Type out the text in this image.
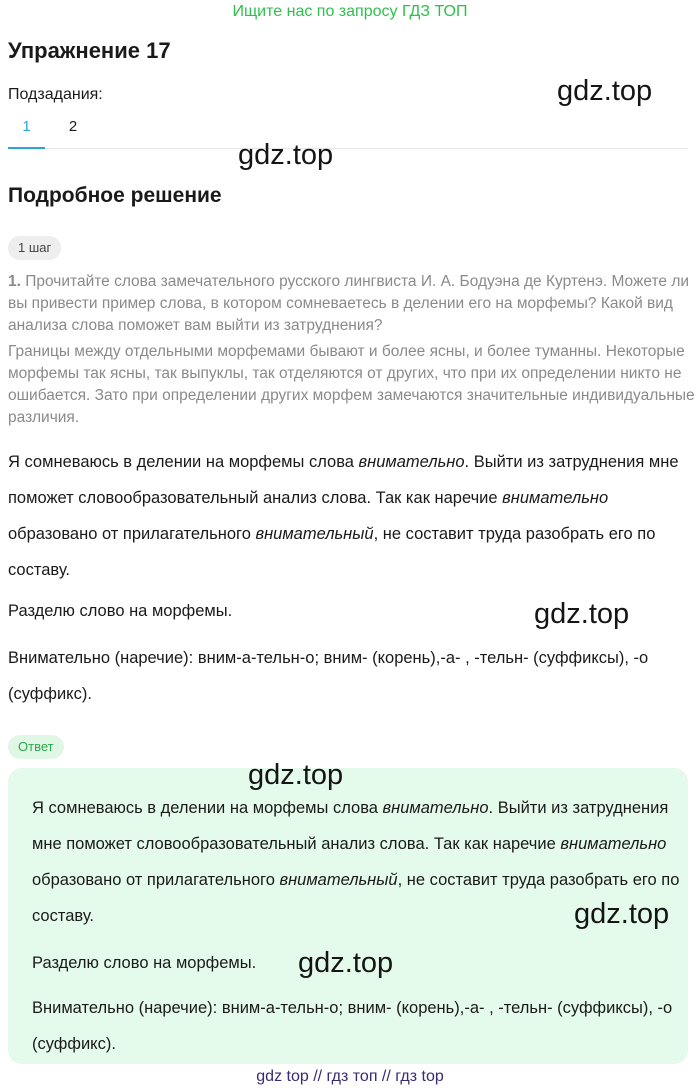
Ищите нас по запросу ГДЗ ТОП
Упражнение 17
Подзадания:
1	2
Подробное решение
1 шаг

1. Прочитайте слова замечательного русского лингвиста И. А. Бодуэна де Куртенэ. Можете ли вы привести пример слова, в котором сомневаетесь в делении его на морфемы? Какой вид анализа слова поможет вам выйти из затруднения?

Границы между отдельными морфемами бывают и более ясны, и более туманны. Некоторые морфемы так ясны, так выпуклы, так отделяются от других, что при их определении никто не ошибается. Зато при определении других морфем замечаются значительные индивидуальные различия.

Я сомневаюсь в делении на морфемы слова внимательно. Выйти из затруднения мне поможет словообразовательный анализ слова. Так как наречие внимательно образовано от прилагательного внимательный, не составит труда разобрать его по составу.

Разделю слово на морфемы.
Внимательно (наречие): вним-а-тельн-о; вним- (корень),-а- , -тельн- (суффиксы), -о (суффикс).
Ответ

Я сомневаюсь в делении на морфемы слова внимательно. Выйти из затруднения мне поможет словообразовательный анализ слова. Так как наречие внимательно образовано от прилагательного внимательный, не составит труда разобрать его по составу.

Разделю слово на морфемы.
Внимательно (наречие): вним-а-тельн-о; вним- (корень),-а- , -тельн- (суффиксы), -о (суффикс).
gdz.top
gdz.top
gdz.top
gdz.top
gdz.top
gdz.top
gdz top // гдз топ // гдз top
